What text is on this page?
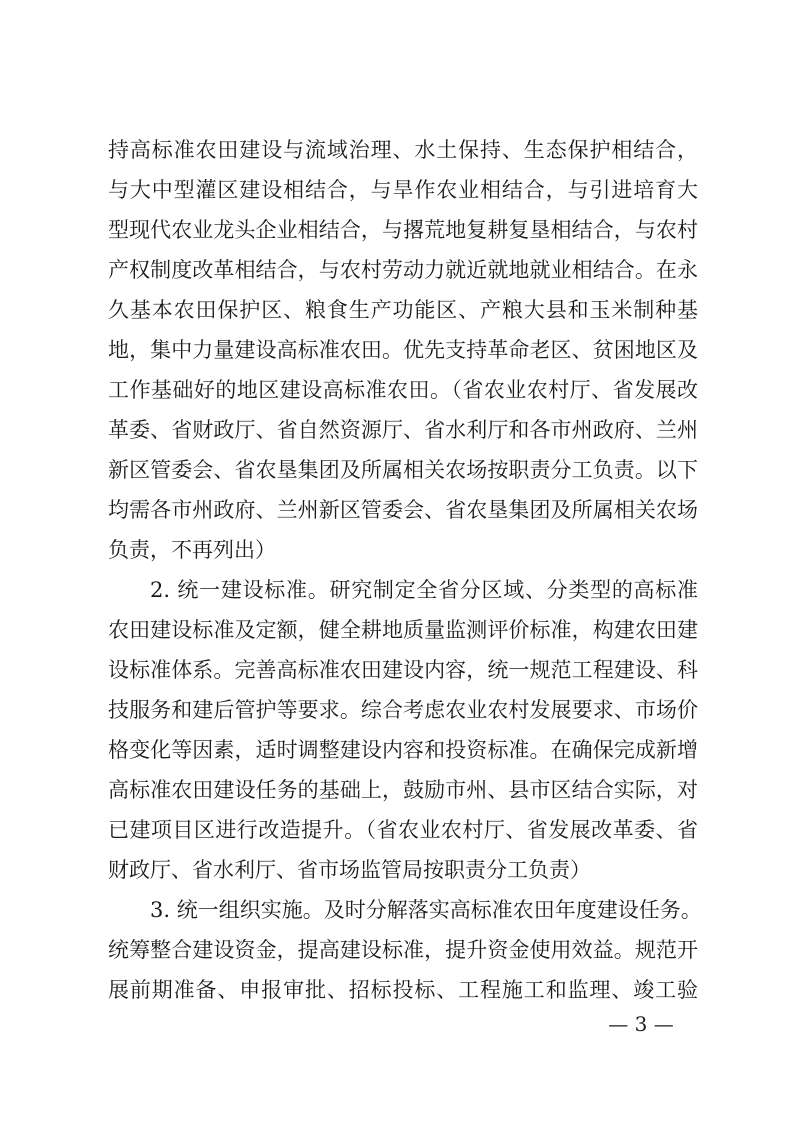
持高标准农田建设与流域治理、水土保持、生态保护相结合，
与大中型灌区建设相结合，与旱作农业相结合，与引进培育大
型现代农业龙头企业相结合，与撂荒地复耕复垦相结合，与农村
产权制度改革相结合，与农村劳动力就近就地就业相结合。在永
久基本农田保护区、粮食生产功能区、产粮大县和玉米制种基
地，集中力量建设高标准农田。优先支持革命老区、贫困地区及
工作基础好的地区建设高标准农田。（省农业农村厅、省发展改
革委、省财政厅、省自然资源厅、省水利厅和各市州政府、兰州
新区管委会、省农垦集团及所属相关农场按职责分工负责。以下
均需各市州政府、兰州新区管委会、省农垦集团及所属相关农场
负责，不再列出）
2. 统一建设标准。研究制定全省分区域、分类型的高标准
农田建设标准及定额，健全耕地质量监测评价标准，构建农田建
设标准体系。完善高标准农田建设内容，统一规范工程建设、科
技服务和建后管护等要求。综合考虑农业农村发展要求、市场价
格变化等因素，适时调整建设内容和投资标准。在确保完成新增
高标准农田建设任务的基础上，鼓励市州、县市区结合实际，对
已建项目区进行改造提升。（省农业农村厅、省发展改革委、省
财政厅、省水利厅、省市场监管局按职责分工负责）
3. 统一组织实施。及时分解落实高标准农田年度建设任务。
统筹整合建设资金，提高建设标准，提升资金使用效益。规范开
展前期准备、申报审批、招标投标、工程施工和监理、竣工验
— 3 —
